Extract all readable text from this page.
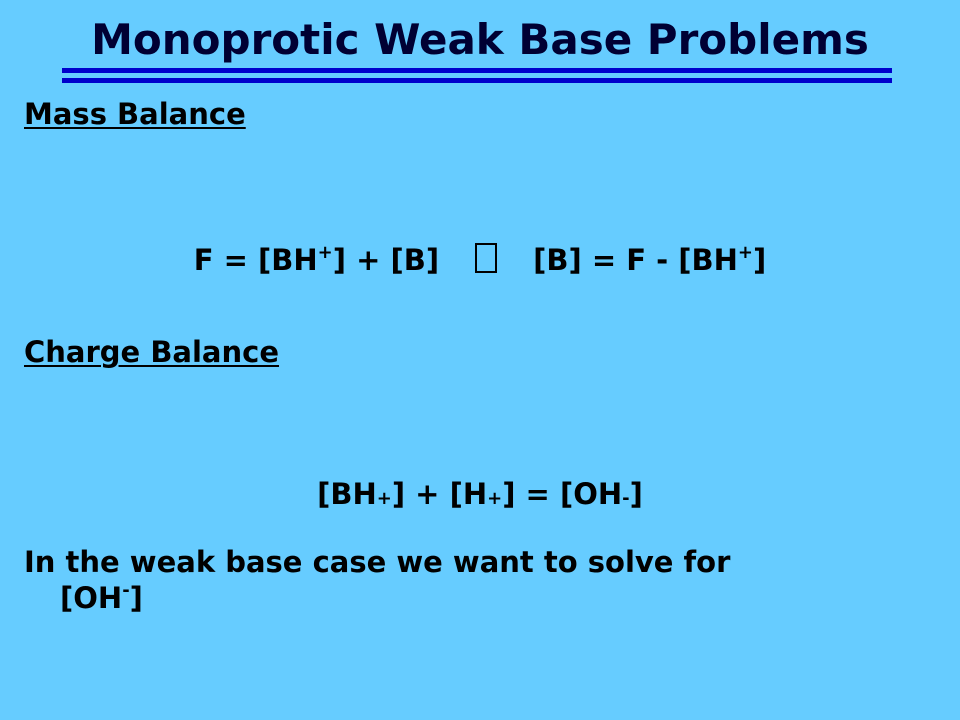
Monoprotic Weak Base Problems
Mass Balance

F = [BH+] + [B]	[B] = F - [BH+]

Charge Balance

[BH + ] + [H + ] = [OH - ]

In the weak base case we want to solve for
[OH-]
